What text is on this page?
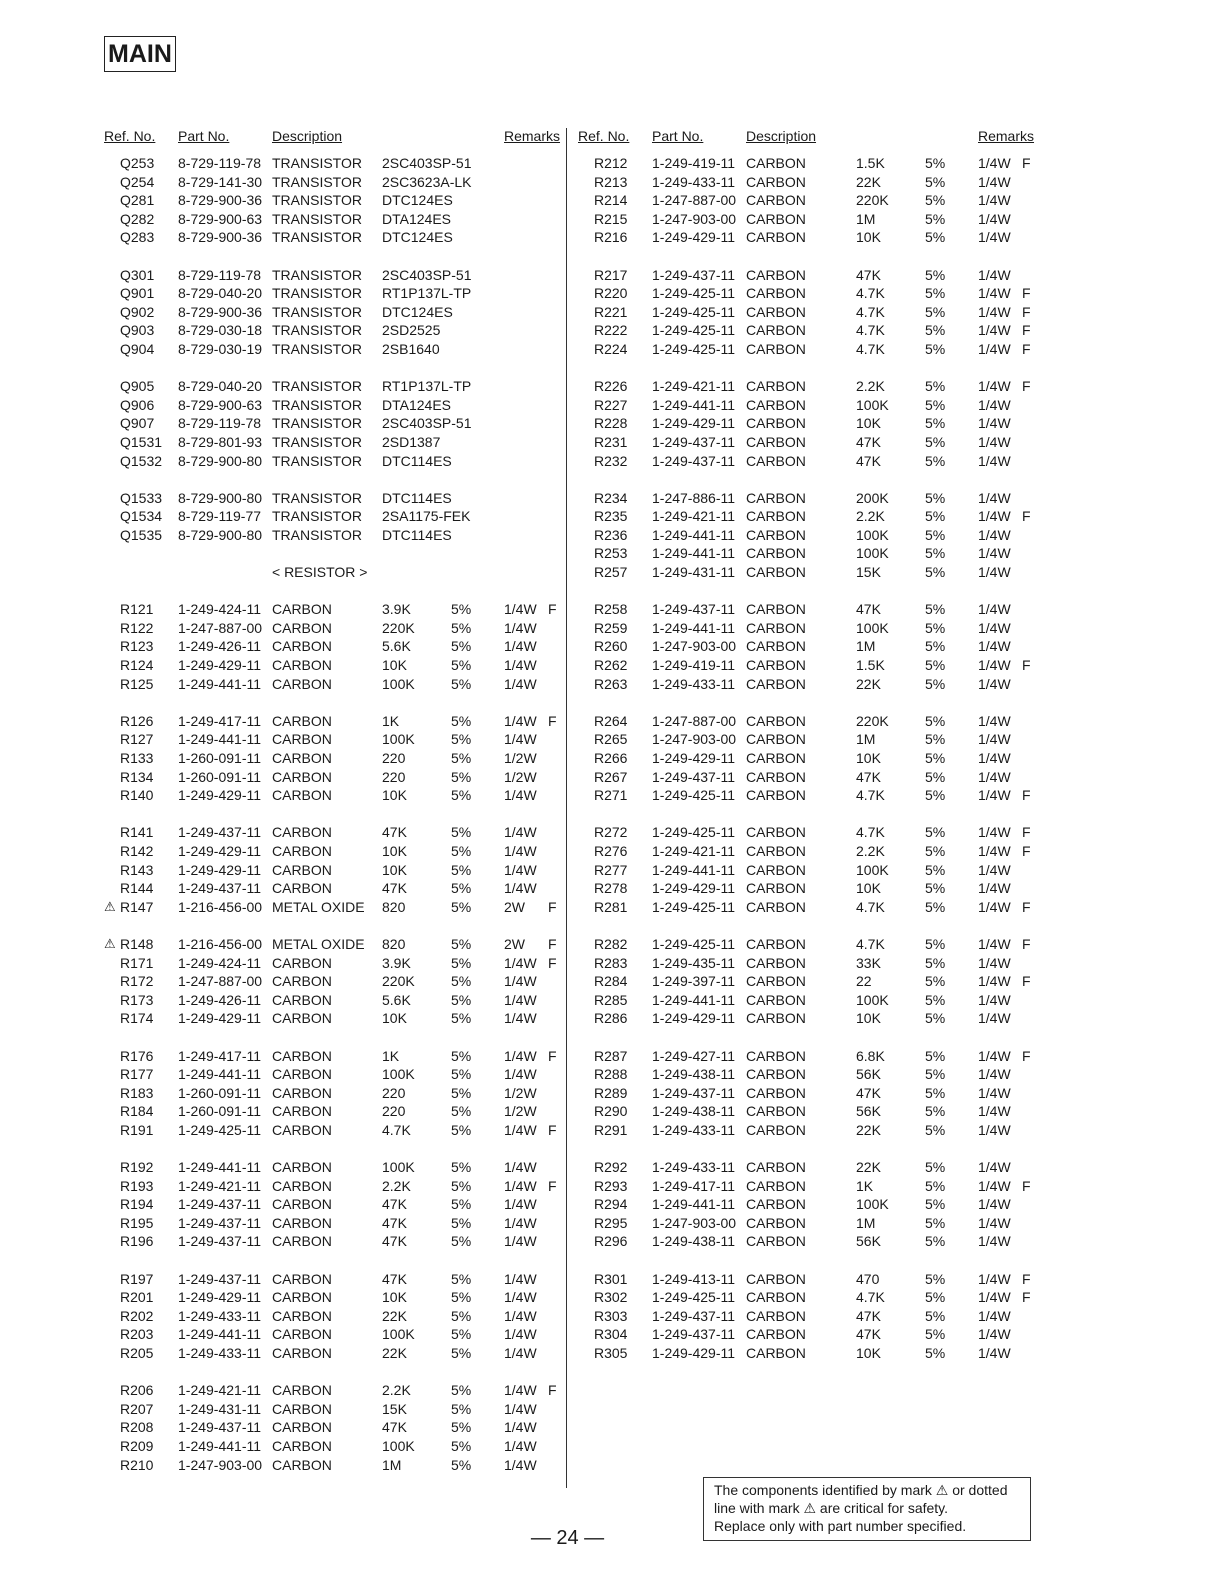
MAIN
Ref. No. Part No.	Description	Remarks
Q253 8-729-119-78 TRANSISTOR 2SC403SP-51
Q254 8-729-141-30 TRANSISTOR 2SC3623A-LK
Q281 8-729-900-36 TRANSISTOR DTC124ES
Q282 8-729-900-63 TRANSISTOR DTA124ES
Q283 8-729-900-36 TRANSISTOR DTC124ES
Q301 8-729-119-78 TRANSISTOR 2SC403SP-51
Q901 8-729-040-20 TRANSISTOR RT1P137L-TP
Q902 8-729-900-36 TRANSISTOR DTC124ES
Q903 8-729-030-18 TRANSISTOR 2SD2525
Q904 8-729-030-19 TRANSISTOR 2SB1640
Q905 8-729-040-20 TRANSISTOR RT1P137L-TP
Q906 8-729-900-63 TRANSISTOR DTA124ES
Q907 8-729-119-78 TRANSISTOR 2SC403SP-51
Q1531 8-729-801-93 TRANSISTOR 2SD1387
Q1532 8-729-900-80 TRANSISTOR DTC114ES
Q1533 8-729-900-80 TRANSISTOR DTC114ES
Q1534 8-729-119-77 TRANSISTOR 2SA1175-FEK
Q1535 8-729-900-80 TRANSISTOR DTC114ES
< RESISTOR >
R121 1-249-424-11 CARBON	3.9K	5% 1/4W F
R122 1-247-887-00 CARBON	220K	5% 1/4W
R123 1-249-426-11 CARBON	5.6K	5% 1/4W
R124 1-249-429-11 CARBON	10K	5% 1/4W
R125 1-249-441-11 CARBON	100K	5% 1/4W
R126 1-249-417-11 CARBON	1K	5% 1/4W F
R127 1-249-441-11 CARBON	100K	5% 1/4W
R133 1-260-091-11 CARBON	220	5% 1/2W
R134 1-260-091-11 CARBON	220	5% 1/2W
R140 1-249-429-11 CARBON	10K	5% 1/4W
R141 1-249-437-11 CARBON	47K	5% 1/4W
R142 1-249-429-11 CARBON	10K	5% 1/4W
R143 1-249-429-11 CARBON	10K	5% 1/4W
R144 1-249-437-11 CARBON	47K	5% 1/4W
⚠ R147 1-216-456-00 METAL OXIDE 820	5% 2W F
⚠ R148 1-216-456-00 METAL OXIDE 820	5% 2W F
R171 1-249-424-11 CARBON	3.9K	5% 1/4W F
R172 1-247-887-00 CARBON	220K	5% 1/4W
R173 1-249-426-11 CARBON	5.6K	5% 1/4W
R174 1-249-429-11 CARBON	10K	5% 1/4W
R176 1-249-417-11 CARBON	1K	5% 1/4W F
R177 1-249-441-11 CARBON	100K	5% 1/4W
R183 1-260-091-11 CARBON	220	5% 1/2W
R184 1-260-091-11 CARBON	220	5% 1/2W
R191 1-249-425-11 CARBON	4.7K	5% 1/4W F
R192 1-249-441-11 CARBON	100K	5% 1/4W
R193 1-249-421-11 CARBON	2.2K	5% 1/4W F
R194 1-249-437-11 CARBON	47K	5% 1/4W
R195 1-249-437-11 CARBON	47K	5% 1/4W
R196 1-249-437-11 CARBON	47K	5% 1/4W
R197 1-249-437-11 CARBON	47K	5% 1/4W
R201 1-249-429-11 CARBON	10K	5% 1/4W
R202 1-249-433-11 CARBON	22K	5% 1/4W
R203 1-249-441-11 CARBON	100K	5% 1/4W
R205 1-249-433-11 CARBON	22K	5% 1/4W
R206 1-249-421-11 CARBON	2.2K	5% 1/4W F
R207 1-249-431-11 CARBON	15K	5% 1/4W
R208 1-249-437-11 CARBON	47K	5% 1/4W
R209 1-249-441-11 CARBON	100K	5% 1/4W
R210 1-247-903-00 CARBON	1M	5% 1/4W
Ref. No. Part No.	Description	Remarks
R212 1-249-419-11 CARBON	1.5K	5% 1/4W F
R213 1-249-433-11 CARBON	22K	5% 1/4W
R214 1-247-887-00 CARBON	220K	5% 1/4W
R215 1-247-903-00 CARBON	1M	5% 1/4W
R216 1-249-429-11 CARBON	10K	5% 1/4W
R217 1-249-437-11 CARBON	47K	5% 1/4W
R220 1-249-425-11 CARBON	4.7K	5% 1/4W F
R221 1-249-425-11 CARBON	4.7K	5% 1/4W F
R222 1-249-425-11 CARBON	4.7K	5% 1/4W F
R224 1-249-425-11 CARBON	4.7K	5% 1/4W F
R226 1-249-421-11 CARBON	2.2K	5% 1/4W F
R227 1-249-441-11 CARBON	100K	5% 1/4W
R228 1-249-429-11 CARBON	10K	5% 1/4W
R231 1-249-437-11 CARBON	47K	5% 1/4W
R232 1-249-437-11 CARBON	47K	5% 1/4W
R234 1-247-886-11 CARBON	200K	5% 1/4W
R235 1-249-421-11 CARBON	2.2K	5% 1/4W F
R236 1-249-441-11 CARBON	100K	5% 1/4W
R253 1-249-441-11 CARBON	100K	5% 1/4W
R257 1-249-431-11 CARBON	15K	5% 1/4W
R258 1-249-437-11 CARBON	47K	5% 1/4W
R259 1-249-441-11 CARBON	100K	5% 1/4W
R260 1-247-903-00 CARBON	1M	5% 1/4W
R262 1-249-419-11 CARBON	1.5K	5% 1/4W F
R263 1-249-433-11 CARBON	22K	5% 1/4W
R264 1-247-887-00 CARBON	220K	5% 1/4W
R265 1-247-903-00 CARBON	1M	5% 1/4W
R266 1-249-429-11 CARBON	10K	5% 1/4W
R267 1-249-437-11 CARBON	47K	5% 1/4W
R271 1-249-425-11 CARBON	4.7K	5% 1/4W F
R272 1-249-425-11 CARBON	4.7K	5% 1/4W F
R276 1-249-421-11 CARBON	2.2K	5% 1/4W F
R277 1-249-441-11 CARBON	100K	5% 1/4W
R278 1-249-429-11 CARBON	10K	5% 1/4W
R281 1-249-425-11 CARBON	4.7K	5% 1/4W F
R282 1-249-425-11 CARBON	4.7K	5% 1/4W F
R283 1-249-435-11 CARBON	33K	5% 1/4W
R284 1-249-397-11 CARBON	22	5% 1/4W F
R285 1-249-441-11 CARBON	100K	5% 1/4W
R286 1-249-429-11 CARBON	10K	5% 1/4W
R287 1-249-427-11 CARBON	6.8K	5% 1/4W F
R288 1-249-438-11 CARBON	56K	5% 1/4W
R289 1-249-437-11 CARBON	47K	5% 1/4W
R290 1-249-438-11 CARBON	56K	5% 1/4W
R291 1-249-433-11 CARBON	22K	5% 1/4W
R292 1-249-433-11 CARBON	22K	5% 1/4W
R293 1-249-417-11 CARBON	1K	5% 1/4W F
R294 1-249-441-11 CARBON	100K	5% 1/4W
R295 1-247-903-00 CARBON	1M	5% 1/4W
R296 1-249-438-11 CARBON	56K	5% 1/4W
R301 1-249-413-11 CARBON	470	5% 1/4W F
R302 1-249-425-11 CARBON	4.7K	5% 1/4W F
R303 1-249-437-11 CARBON	47K	5% 1/4W
R304 1-249-437-11 CARBON	47K	5% 1/4W
R305 1-249-429-11 CARBON	10K	5% 1/4W
The components identified by mark ⚠ or dotted
line with mark ⚠ are critical for safety.
Replace only with part number specified.
— 24 —
